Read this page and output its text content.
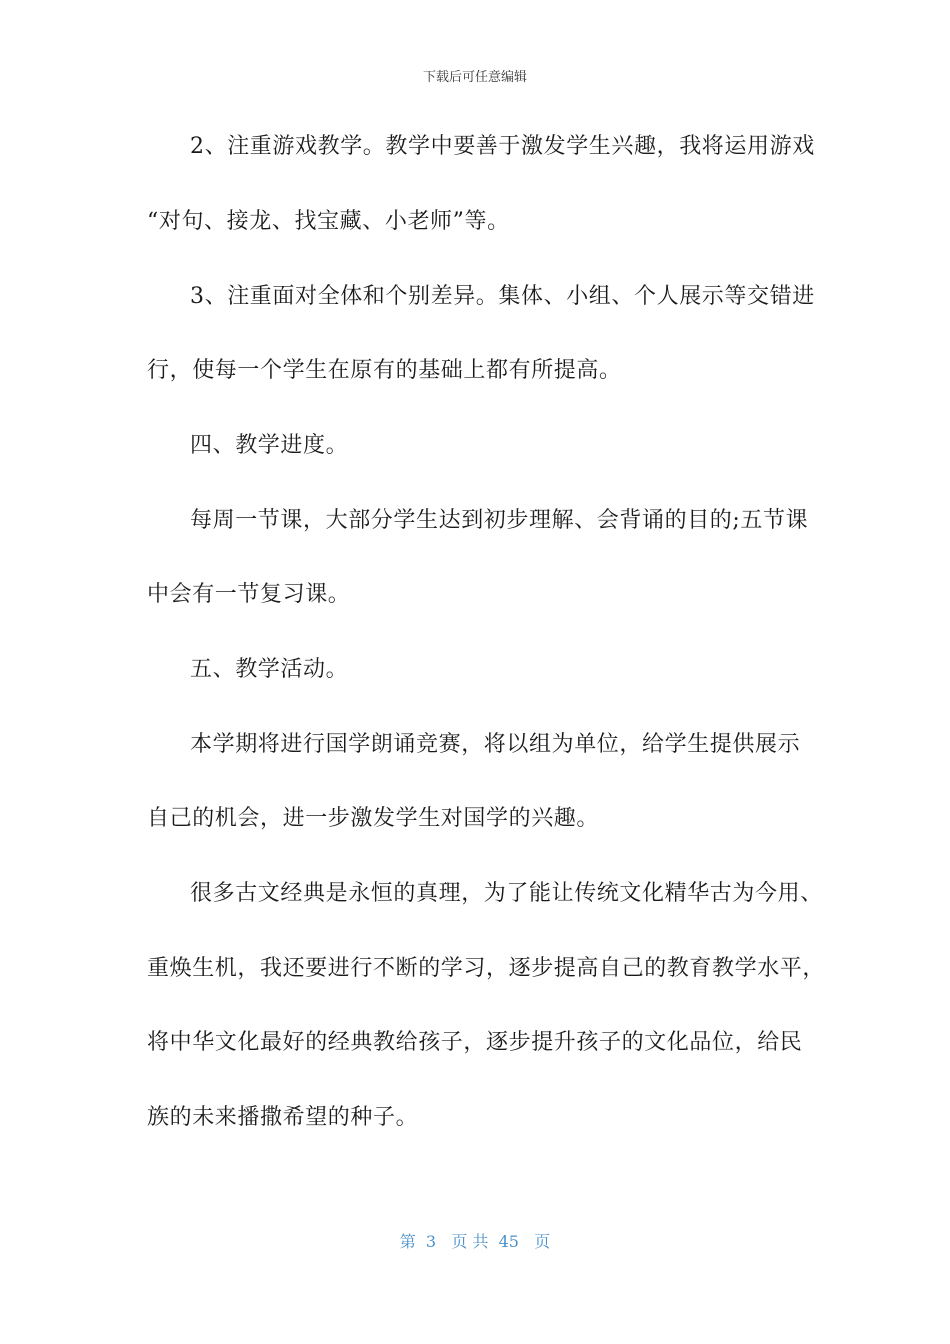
下载后可任意编辑
2、注重游戏教学。教学中要善于激发学生兴趣，我将运用游戏
“对句、接龙、找宝藏、小老师”等。
3、注重面对全体和个别差异。集体、小组、个人展示等交错进
行，使每一个学生在原有的基础上都有所提高。
四、教学进度。
每周一节课，大部分学生达到初步理解、会背诵的目的;五节课
中会有一节复习课。
五、教学活动。
本学期将进行国学朗诵竞赛，将以组为单位，给学生提供展示
自己的机会，进一步激发学生对国学的兴趣。
很多古文经典是永恒的真理，为了能让传统文化精华古为今用、
重焕生机，我还要进行不断的学习，逐步提高自己的教育教学水平，
将中华文化最好的经典教给孩子，逐步提升孩子的文化品位，给民
族的未来播撒希望的种子。
第  3   页 共  45   页
